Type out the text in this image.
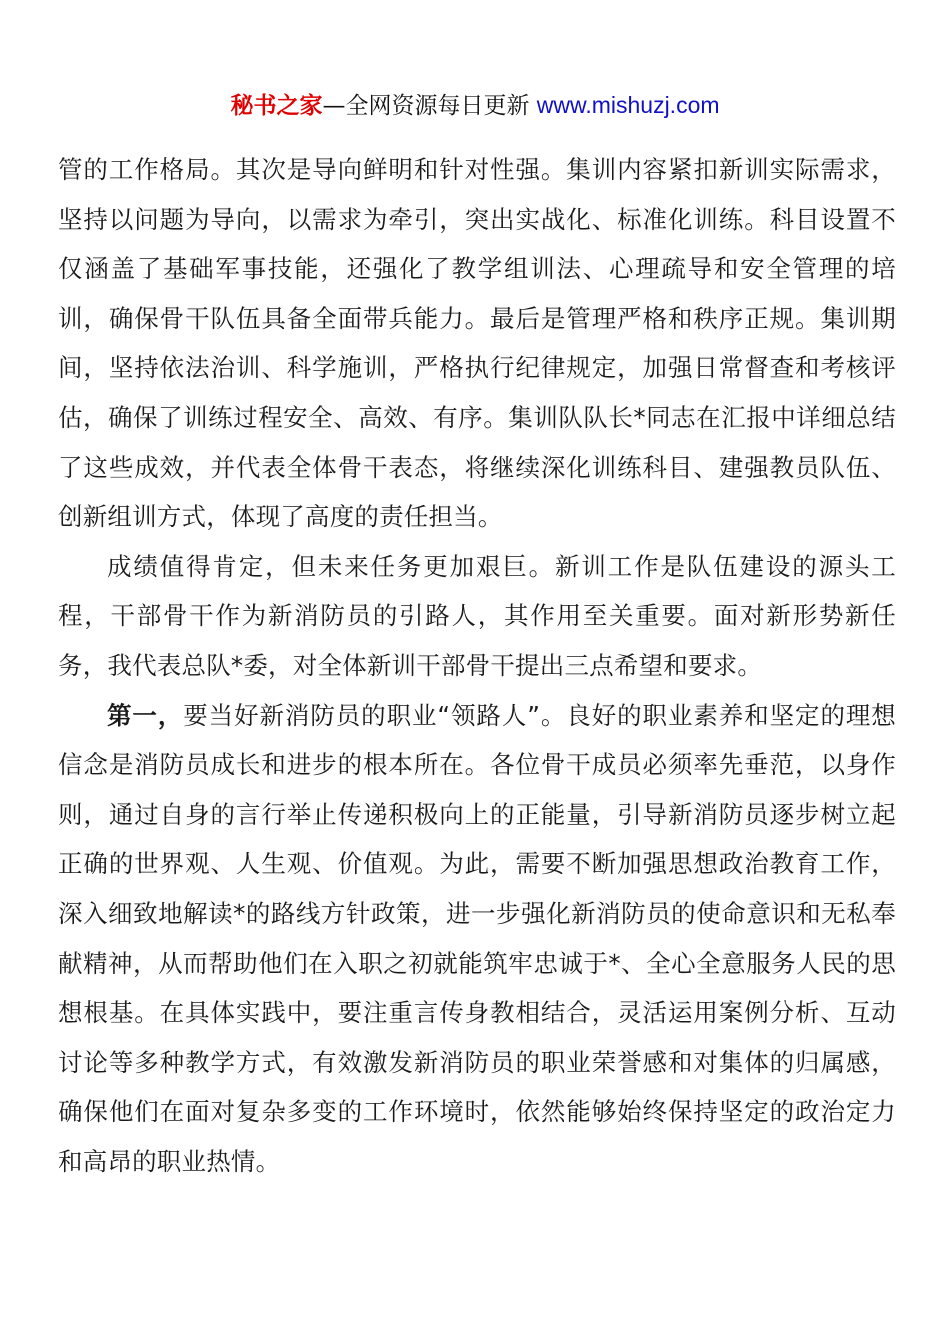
秘书之家—全网资源每日更新 www.mishuzj.com

管的工作格局。其次是导向鲜明和针对性强。集训内容紧扣新训实际需求，坚持以问题为导向，以需求为牵引，突出实战化、标准化训练。科目设置不仅涵盖了基础军事技能，还强化了教学组训法、心理疏导和安全管理的培训，确保骨干队伍具备全面带兵能力。最后是管理严格和秩序正规。集训期间，坚持依法治训、科学施训，严格执行纪律规定，加强日常督查和考核评估，确保了训练过程安全、高效、有序。集训队队长*同志在汇报中详细总结了这些成效，并代表全体骨干表态，将继续深化训练科目、建强教员队伍、创新组训方式，体现了高度的责任担当。

成绩值得肯定，但未来任务更加艰巨。新训工作是队伍建设的源头工程，干部骨干作为新消防员的引路人，其作用至关重要。面对新形势新任务，我代表总队*委，对全体新训干部骨干提出三点希望和要求。

第一，要当好新消防员的职业“领路人”。良好的职业素养和坚定的理想信念是消防员成长和进步的根本所在。各位骨干成员必须率先垂范，以身作则，通过自身的言行举止传递积极向上的正能量，引导新消防员逐步树立起正确的世界观、人生观、价值观。为此，需要不断加强思想政治教育工作，深入细致地解读*的路线方针政策，进一步强化新消防员的使命意识和无私奉献精神，从而帮助他们在入职之初就能筑牢忠诚于*、全心全意服务人民的思想根基。在具体实践中，要注重言传身教相结合，灵活运用案例分析、互动讨论等多种教学方式，有效激发新消防员的职业荣誉感和对集体的归属感，确保他们在面对复杂多变的工作环境时，依然能够始终保持坚定的政治定力和高昂的职业热情。
